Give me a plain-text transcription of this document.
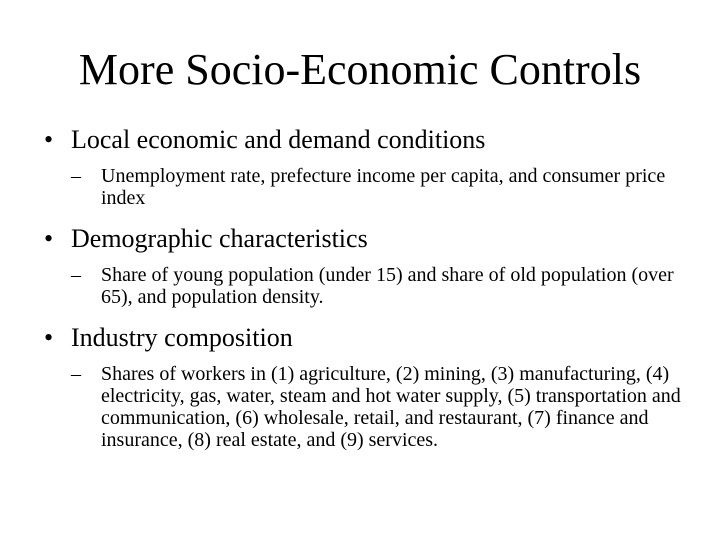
More Socio-Economic Controls
• Local economic and demand conditions
– Unemployment rate, prefecture income per capita, and consumer price index
• Demographic characteristics
– Share of young population (under 15) and share of old population (over 65), and population density.
• Industry composition
– Shares of workers in (1) agriculture, (2) mining, (3) manufacturing, (4) electricity, gas, water, steam and hot water supply, (5) transportation and communication, (6) wholesale, retail, and restaurant, (7) finance and insurance, (8) real estate, and (9) services.
